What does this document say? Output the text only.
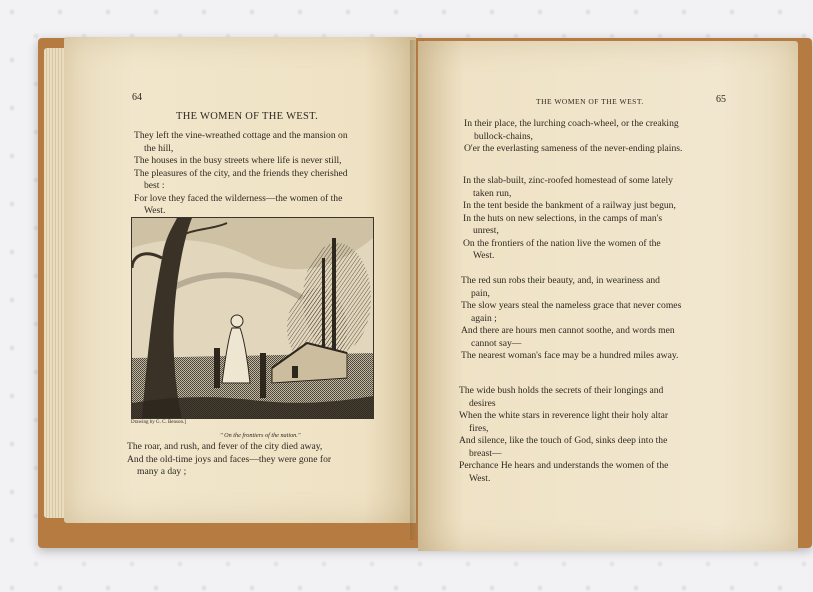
64
THE WOMEN OF THE WEST.
They left the vine-wreathed cottage and the mansion on
the hill,
The houses in the busy streets where life is never still,
The pleasures of the city, and the friends they cherished
best :
For love they faced the wilderness—the women of the
West.
Drawing by G. C. Benson.]
" On the frontiers of the nation."
The roar, and rush, and fever of the city died away,
And the old-time joys and faces—they were gone for
many a day ;
THE WOMEN OF THE WEST.	65
In their place, the lurching coach-wheel, or the creaking
bullock-chains,
O'er the everlasting sameness of the never-ending plains.
In the slab-built, zinc-roofed homestead of some lately
taken run,
In the tent beside the bankment of a railway just begun,
In the huts on new selections, in the camps of man's
unrest,
On the frontiers of the nation live the women of the
West.
The red sun robs their beauty, and, in weariness and
pain,
The slow years steal the nameless grace that never comes
again ;
And there are hours men cannot soothe, and words men
cannot say—
The nearest woman's face may be a hundred miles away.
The wide bush holds the secrets of their longings and
desires
When the white stars in reverence light their holy altar
fires,
And silence, like the touch of God, sinks deep into the
breast—
Perchance He hears and understands the women of the
West.
